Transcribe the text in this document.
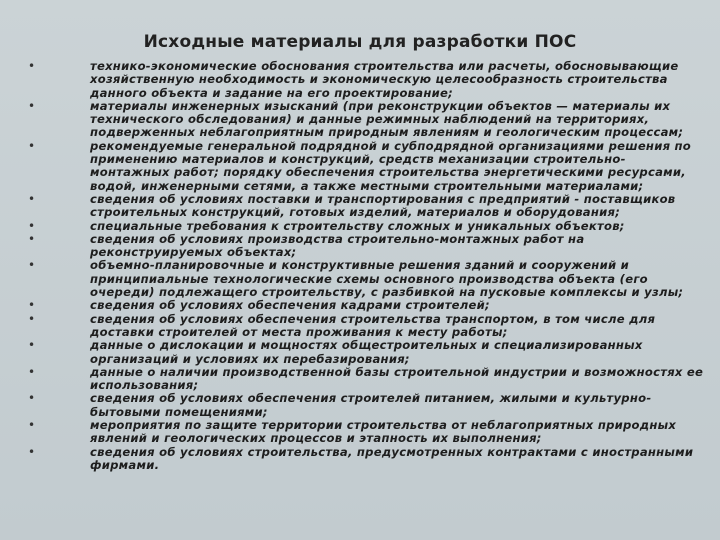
Исходные материалы для разработки ПОС
•	технико-экономические обоснования строительства или расчеты, обосновывающие хозяйственную необходимость и экономическую целесообразность строительства данного объекта и задание на его проектирование;
•	материалы инженерных изысканий (при реконструкции объектов — материалы их технического обследования) и данные режимных наблюдений на территориях, подверженных неблагоприятным природным явлениям и геологическим процессам;
•	рекомендуемые генеральной подрядной и субподрядной организациями решения по применению материалов и конструкций, средств механизации строительно-монтажных работ; порядку обеспечения строительства энергетическими ресурсами, водой, инженерными сетями, а также местными строительными материалами;
•	сведения об условиях поставки и транспортирования с предприятий - поставщиков строительных конструкций, готовых изделий, материалов и оборудования;
•	специальные требования к строительству сложных и уникальных объектов;
•	сведения об условиях производства строительно-монтажных работ на реконструируемых объектах;
•	объемно-планировочные и конструктивные решения зданий и сооружений и принципиальные технологические схемы основного производства объекта (его очереди) подлежащего строительству, с разбивкой на пусковые комплексы и узлы;
•	сведения об условиях обеспечения кадрами строителей;
•	сведения об условиях обеспечения строительства транспортом, в том числе для доставки строителей от места проживания к месту работы;
•	данные о дислокации и мощностях общестроительных и специализированных организаций и условиях их перебазирования;
•	данные о наличии производственной базы строительной индустрии и возможностях ее использования;
•	сведения об условиях обеспечения строителей питанием, жилыми и культурно-бытовыми помещениями;
•	мероприятия по защите территории строительства от неблагоприятных природных явлений и геологических процессов и этапность их выполнения;
•	сведения об условиях строительства, предусмотренных контрактами с иностранными фирмами.
